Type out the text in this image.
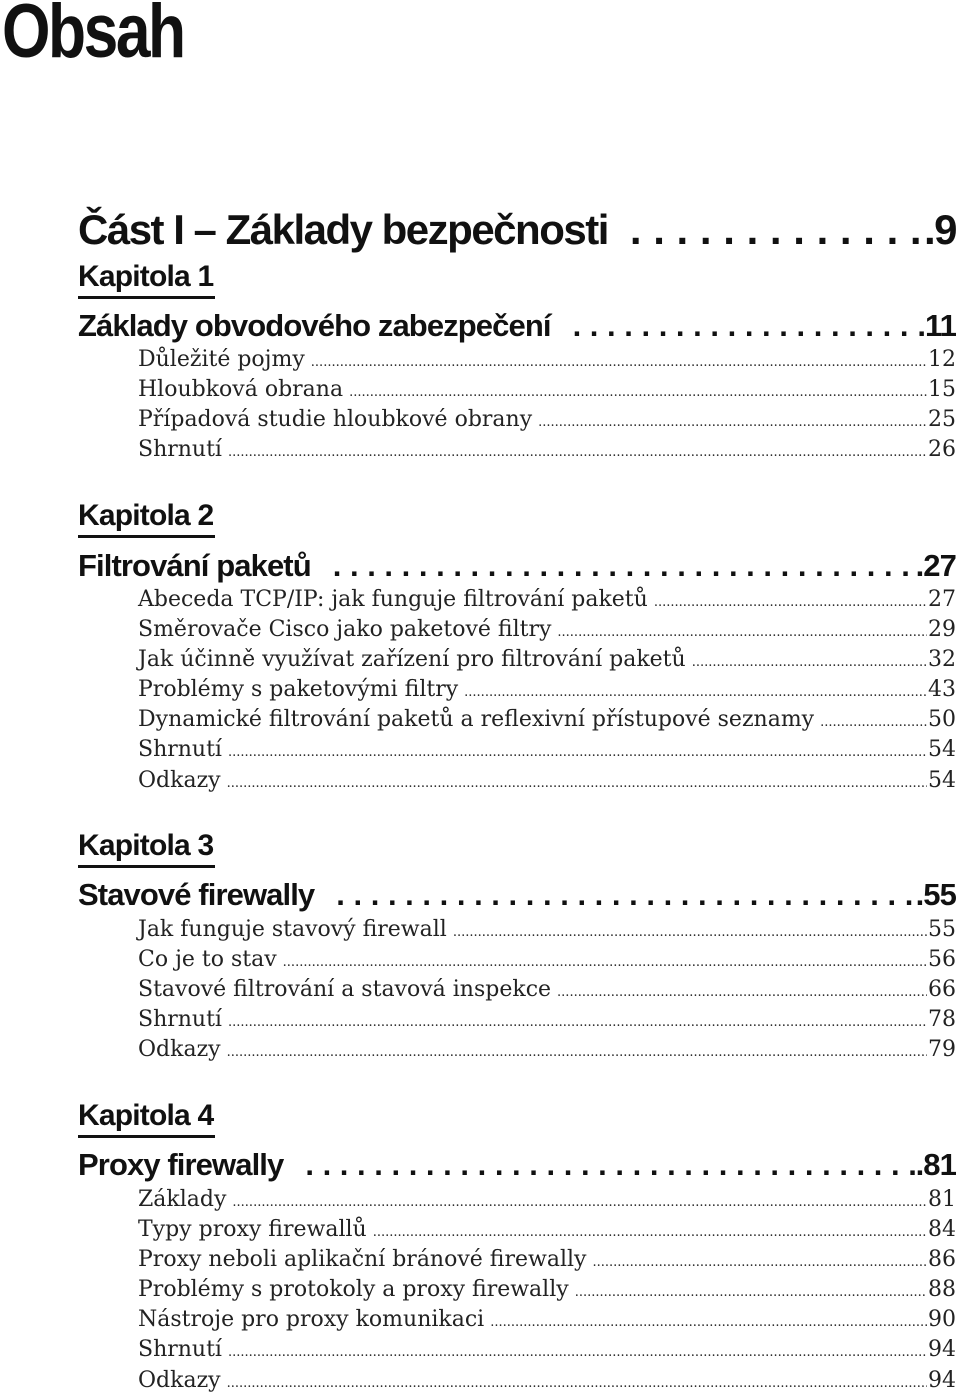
Obsah
Část I – Základy bezpečnosti . . .	.9
Kapitola 1
Základy obvodového zabezpečení . . .	.11
Důležité pojmy .....	12
Hloubková obrana .....	15
Případová studie hloubkové obrany .....	25
Shrnutí .....	26
Kapitola 2
Filtrování paketů . . .	.27
Abeceda TCP/IP: jak funguje filtrování paketů .....	27
Směrovače Cisco jako paketové filtry .....	29
Jak účinně využívat zařízení pro filtrování paketů .....	32
Problémy s paketovými filtry .....	43
Dynamické filtrování paketů a reflexivní přístupové seznamy .....	50
Shrnutí .....	54
Odkazy .....	54
Kapitola 3
Stavové firewally . . .	.55
Jak funguje stavový firewall .....	55
Co je to stav .....	56
Stavové filtrování a stavová inspekce .....	66
Shrnutí .....	78
Odkazy .....	79
Kapitola 4
Proxy firewally . . .	.81
Základy .....	81
Typy proxy firewallů .....	84
Proxy neboli aplikační bránové firewally .....	86
Problémy s protokoly a proxy firewally .....	88
Nástroje pro proxy komunikaci .....	90
Shrnutí .....	94
Odkazy .....	94
